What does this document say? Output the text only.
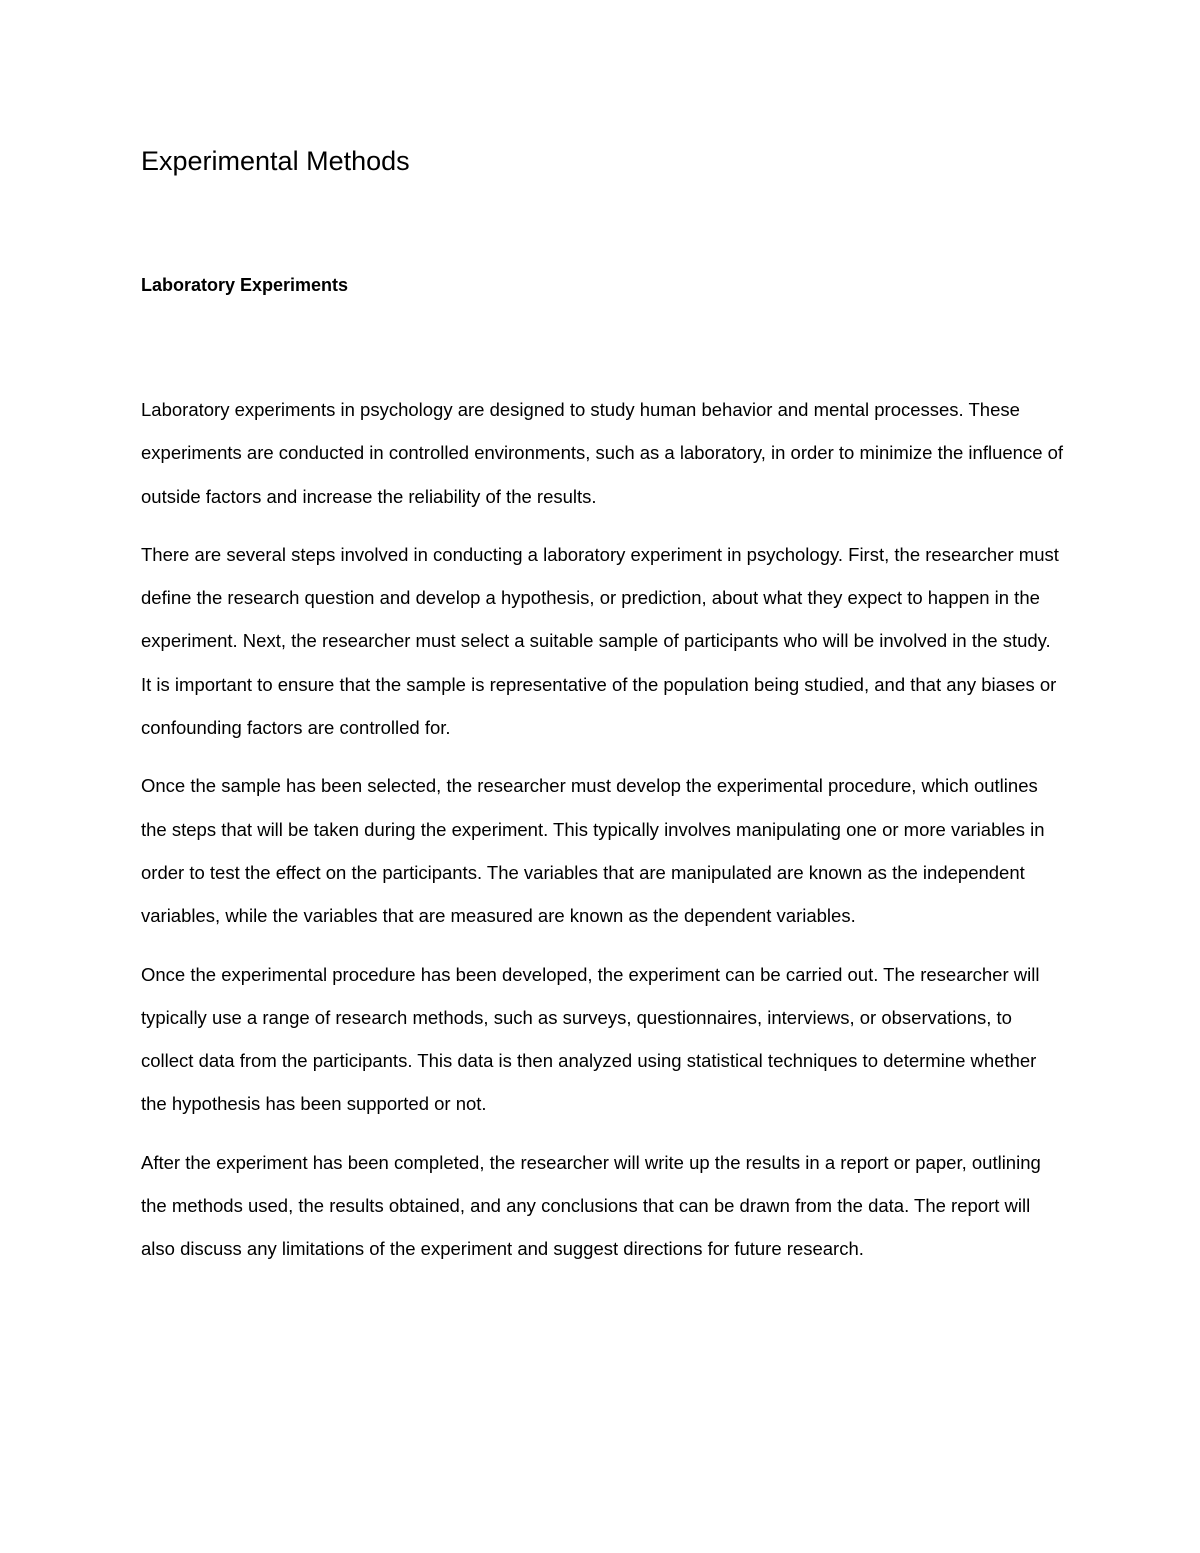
Experimental Methods
Laboratory Experiments

Laboratory experiments in psychology are designed to study human behavior and mental processes. These experiments are conducted in controlled environments, such as a laboratory, in order to minimize the influence of outside factors and increase the reliability of the results.

There are several steps involved in conducting a laboratory experiment in psychology. First, the researcher must define the research question and develop a hypothesis, or prediction, about what they expect to happen in the experiment. Next, the researcher must select a suitable sample of participants who will be involved in the study. It is important to ensure that the sample is representative of the population being studied, and that any biases or confounding factors are controlled for.

Once the sample has been selected, the researcher must develop the experimental procedure, which outlines the steps that will be taken during the experiment. This typically involves manipulating one or more variables in order to test the effect on the participants. The variables that are manipulated are known as the independent variables, while the variables that are measured are known as the dependent variables.

Once the experimental procedure has been developed, the experiment can be carried out. The researcher will typically use a range of research methods, such as surveys, questionnaires, interviews, or observations, to collect data from the participants. This data is then analyzed using statistical techniques to determine whether the hypothesis has been supported or not.

After the experiment has been completed, the researcher will write up the results in a report or paper, outlining the methods used, the results obtained, and any conclusions that can be drawn from the data. The report will also discuss any limitations of the experiment and suggest directions for future research.
